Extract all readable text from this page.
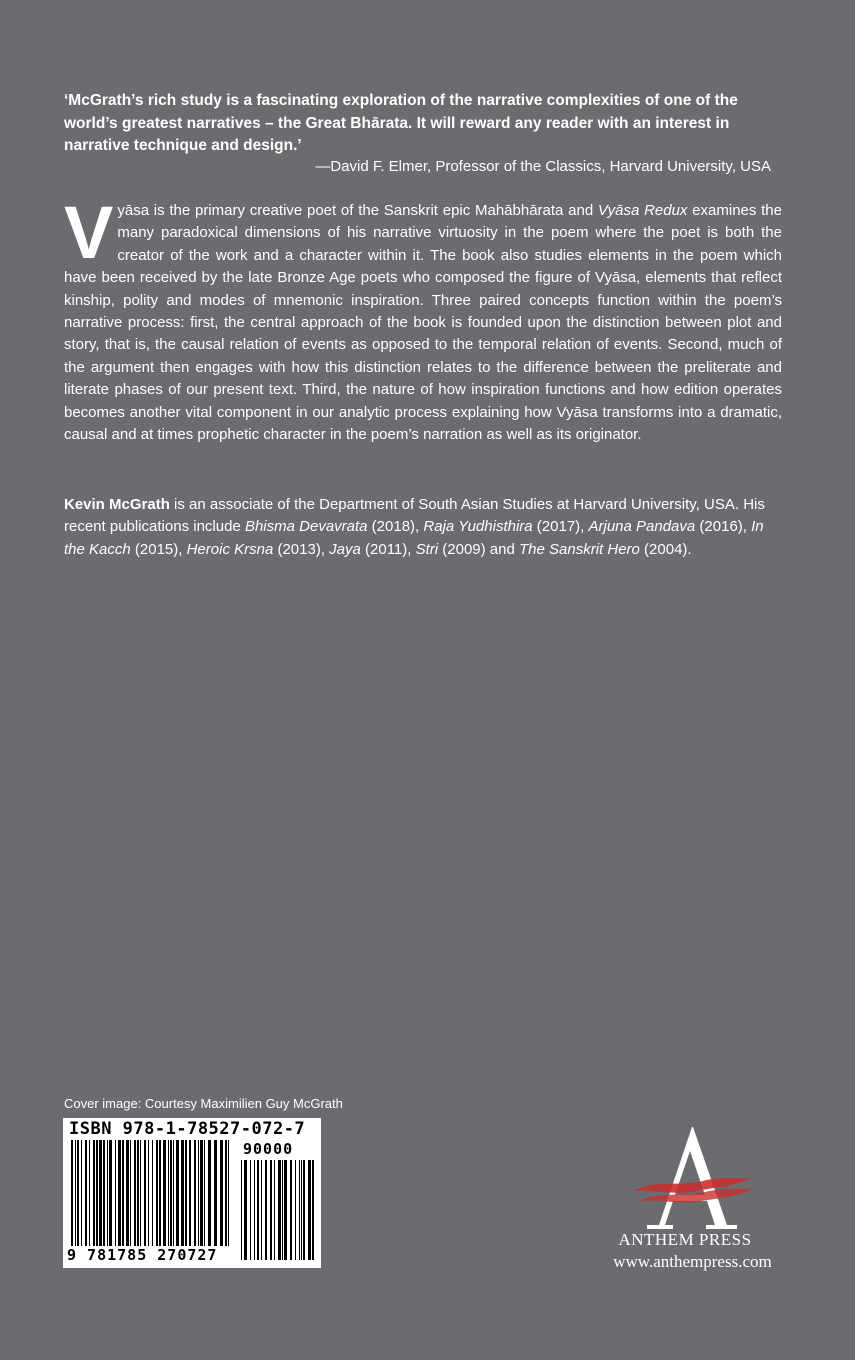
‘McGrath’s rich study is a fascinating exploration of the narrative complexities of one of the world’s greatest narratives – the Great Bhārata. It will reward any reader with an interest in narrative technique and design.’
—David F. Elmer, Professor of the Classics, Harvard University, USA
Vyāsa is the primary creative poet of the Sanskrit epic Mahābhārata and Vyāsa Redux examines the many paradoxical dimensions of his narrative virtuosity in the poem where the poet is both the creator of the work and a character within it. The book also studies elements in the poem which have been received by the late Bronze Age poets who composed the figure of Vyāsa, elements that reflect kinship, polity and modes of mnemonic inspiration. Three paired concepts function within the poem’s narrative process: first, the central approach of the book is founded upon the distinction between plot and story, that is, the causal relation of events as opposed to the temporal relation of events. Second, much of the argument then engages with how this distinction relates to the difference between the preliterate and literate phases of our present text. Third, the nature of how inspiration functions and how edition operates becomes another vital component in our analytic process explaining how Vyāsa transforms into a dramatic, causal and at times prophetic character in the poem’s narration as well as its originator.
Kevin McGrath is an associate of the Department of South Asian Studies at Harvard University, USA. His recent publications include Bhisma Devavrata (2018), Raja Yudhisthira (2017), Arjuna Pandava (2016), In the Kacch (2015), Heroic Krsna (2013), Jaya (2011), Stri (2009) and The Sanskrit Hero (2004).
Cover image: Courtesy Maximilien Guy McGrath
ISBN 978-1-78527-072-7
90000
9 781785 270727
ANTHEM PRESS
www.anthempress.com
